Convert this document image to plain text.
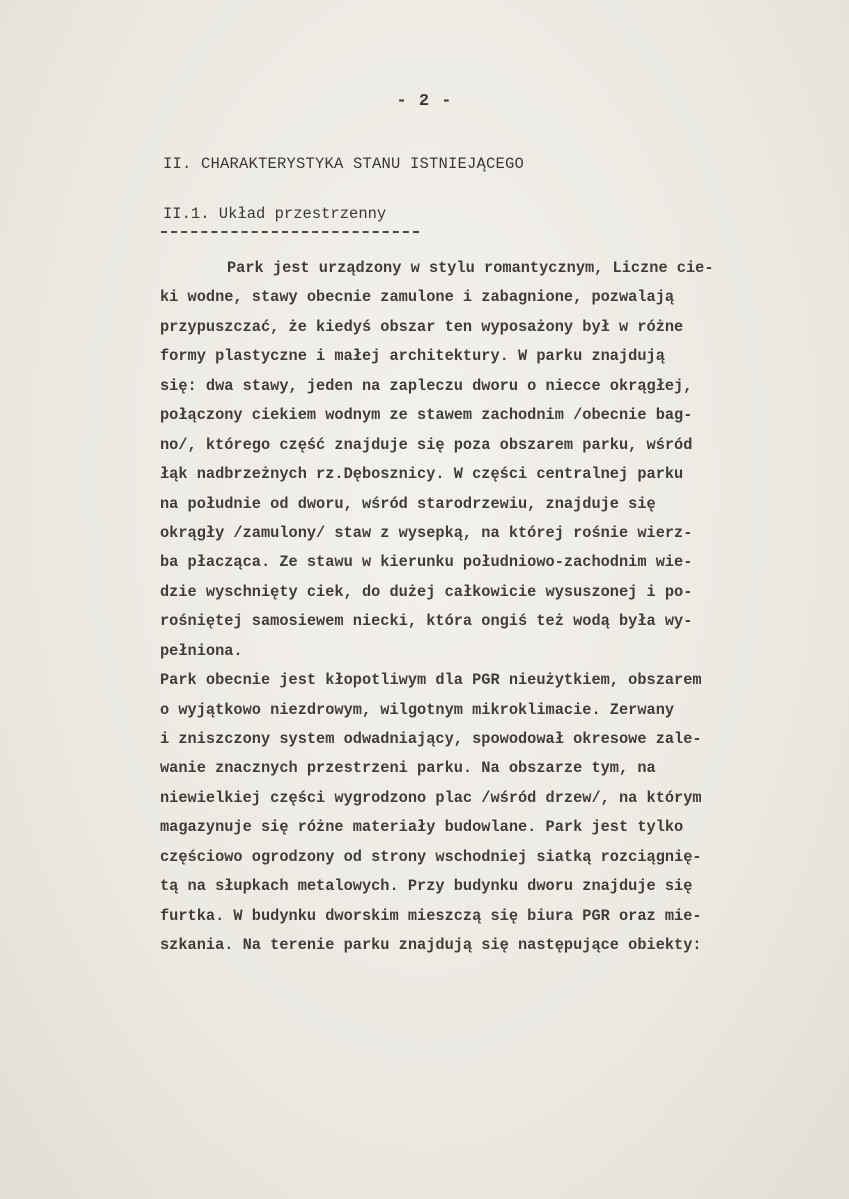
- 2 -
II. CHARAKTERYSTYKA STANU ISTNIEJĄCEGO
II.1. Układ przestrzenny
Park jest urządzony w stylu romantycznym, Liczne cie-
ki wodne, stawy obecnie zamulone i zabagnione, pozwalają
przypuszczać, że kiedyś obszar ten wyposażony był w różne
formy plastyczne i małej architektury. W parku znajdują
się: dwa stawy, jeden na zapleczu dworu o niecce okrągłej,
połączony ciekiem wodnym ze stawem zachodnim /obecnie bag-
no/, którego część znajduje się poza obszarem parku, wśród
łąk nadbrzeżnych rz.Dęboszniсy. W części centralnej parku
na południe od dworu, wśród starodrzewiu, znajduje się
okrągły /zamulony/ staw z wysepką, na której rośnie wierz-
ba płacząca. Ze stawu w kierunku południowo-zachodnim wie-
dzie wyschnięty ciek, do dużej całkowicie wysuszonej i po-
rośniętej samosiewem niecki, która ongiś też wodą była wy-
pełniona.
Park obecnie jest kłopotliwym dla PGR nieużytkiem, obszarem
o wyjątkowo niezdrowym, wilgotnym mikroklimacie. Zerwany
i zniszczony system odwadniający, spowodował okresowe zale-
wanie znacznych przestrzeni parku. Na obszarze tym, na
niewielkiej części wygrodzono plac /wśród drzew/, na którym
magazynuje się różne materiały budowlane. Park jest tylko
częściowo ogrodzony od strony wschodniej siatką rozciągnię-
tą na słupkach metalowych. Przy budynku dworu znajduje się
furtka. W budynku dworskim mieszczą się biura PGR oraz mie-
szkania. Na terenie parku znajdują się następujące obiekty:
